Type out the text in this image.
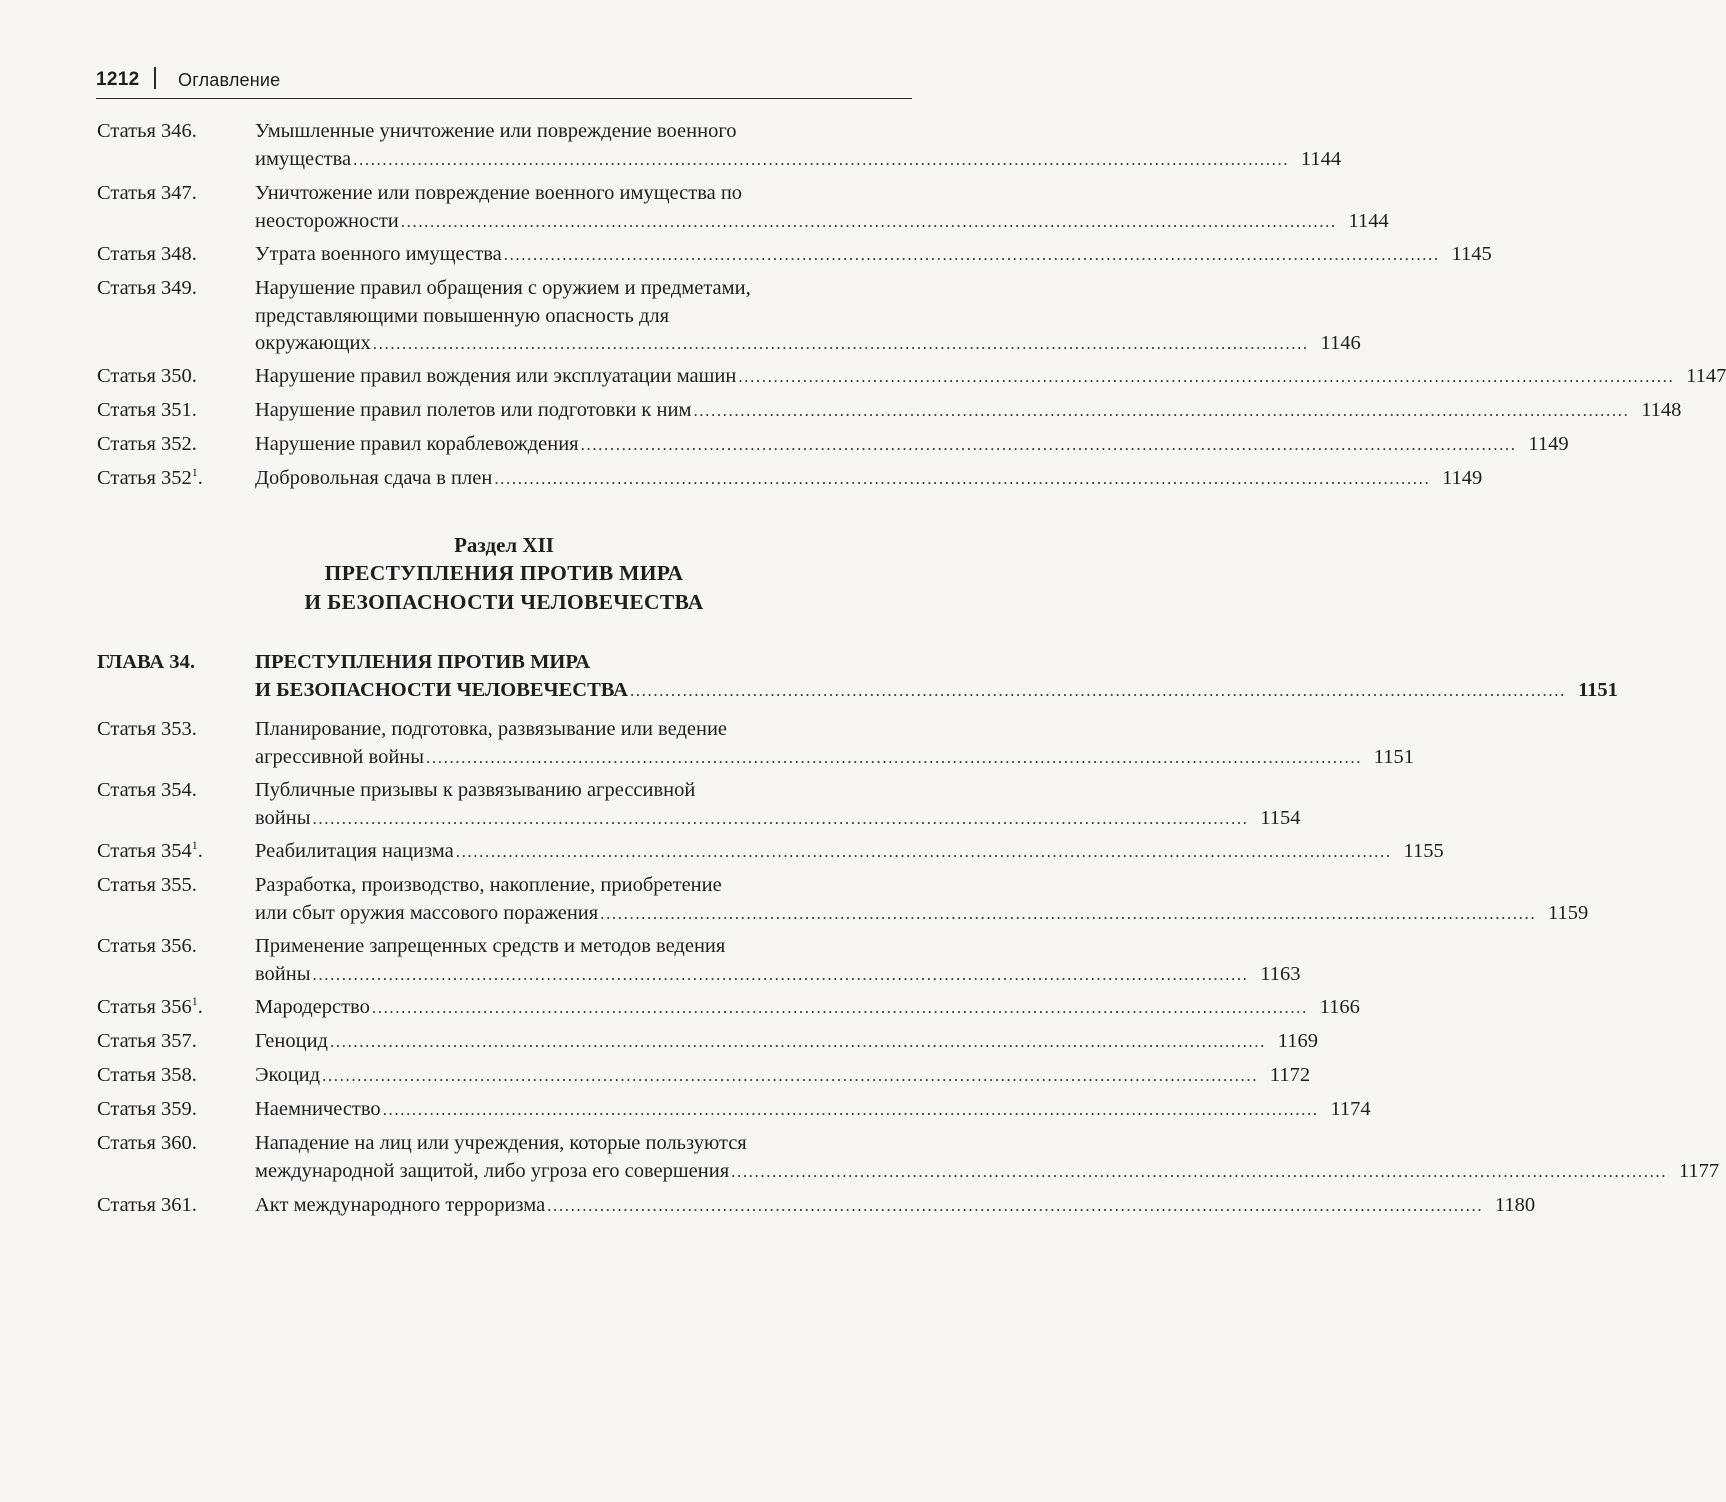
1212 Оглавление
Статья 346.	Умышленные уничтожение или повреждение военного
имущества ................................................................................................................................................................ 1144
Статья 347.	Уничтожение или повреждение военного имущества по
неосторожности ................................................................................................................................................................ 1144
Статья 348.	Утрата военного имущества ................................................................................................................................................................ 1145
Статья 349.	Нарушение правил обращения с оружием и предметами,
представляющими повышенную опасность для
окружающих ................................................................................................................................................................ 1146
Статья 350.	Нарушение правил вождения или эксплуатации машин ................................................................................................................................................................ 1147
Статья 351.	Нарушение правил полетов или подготовки к ним ................................................................................................................................................................ 1148
Статья 352.	Нарушение правил кораблевождения ................................................................................................................................................................ 1149
Статья $352^1$.	Добровольная сдача в плен ................................................................................................................................................................ 1149
Раздел XII
ПРЕСТУПЛЕНИЯ ПРОТИВ МИРА
И БЕЗОПАСНОСТИ ЧЕЛОВЕЧЕСТВА
ГЛАВА 34.	ПРЕСТУПЛЕНИЯ ПРОТИВ МИРА
И БЕЗОПАСНОСТИ ЧЕЛОВЕЧЕСТВА ................................................................................................................................................................ 1151
Статья 353.	Планирование, подготовка, развязывание или ведение
агрессивной войны ................................................................................................................................................................ 1151
Статья 354.	Публичные призывы к развязыванию агрессивной
войны ................................................................................................................................................................ 1154
Статья $354^1$.	Реабилитация нацизма ................................................................................................................................................................ 1155
Статья 355.	Разработка, производство, накопление, приобретение
или сбыт оружия массового поражения ................................................................................................................................................................ 1159
Статья 356.	Применение запрещенных средств и методов ведения
войны ................................................................................................................................................................ 1163
Статья $356^1$.	Мародерство ................................................................................................................................................................ 1166
Статья 357.	Геноцид ................................................................................................................................................................ 1169
Статья 358.	Экоцид ................................................................................................................................................................ 1172
Статья 359.	Наемничество ................................................................................................................................................................ 1174
Статья 360.	Нападение на лиц или учреждения, которые пользуются
международной защитой, либо угроза его совершения ................................................................................................................................................................ 1177
Статья 361.	Акт международного терроризма ................................................................................................................................................................ 1180
